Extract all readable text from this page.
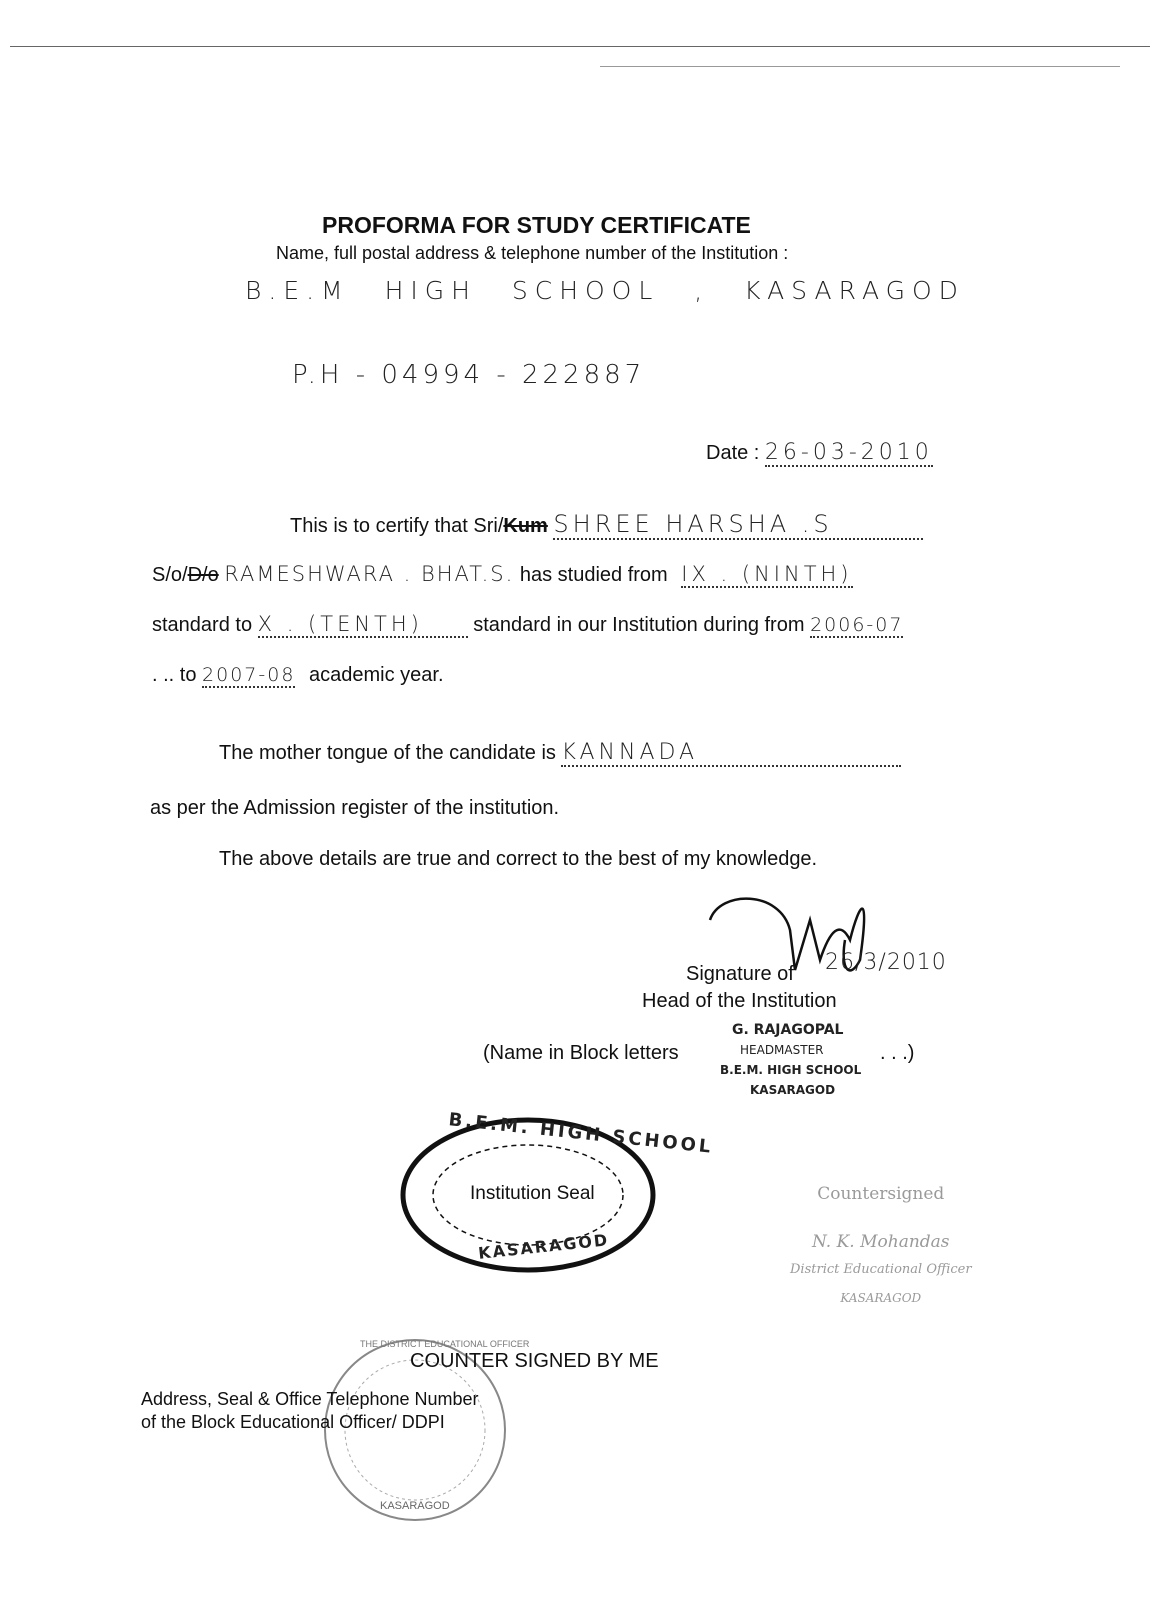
PROFORMA FOR STUDY CERTIFICATE
Name, full postal address & telephone number of the Institution :
B.E.M HIGH SCHOOL , KASARAGOD
P.H - 04994 - 222887
Date : 26-03-2010
This is to certify that Sri/Kum SHREE HARSHA .S
S/o/D/o RAMESHWARA . BHAT.S. has studied from IX . (NINTH)
standard to X . (TENTH)	standard in our Institution during from 2006-07
. .. to 2007-08 academic year.
The mother tongue of the candidate is KANNADA
as per the Admission register of the institution.
The above details are true and correct to the best of my knowledge.
26/3/2010
Signature of
Head of the Institution
(Name in Block letters	. . .)
G. RAJAGOPAL
HEADMASTER
B.E.M. HIGH SCHOOL
KASARAGOD
B.E.M. HIGH SCHOOL
Institution Seal
KASARAGOD
Countersigned
N. K. Mohandas
District Educational Officer
KASARAGOD
THE DISTRICT EDUCATIONAL OFFICER
KASARAGOD
COUNTER SIGNED BY ME
Address, Seal & Office Telephone Number
of the Block Educational Officer/ DDPI
